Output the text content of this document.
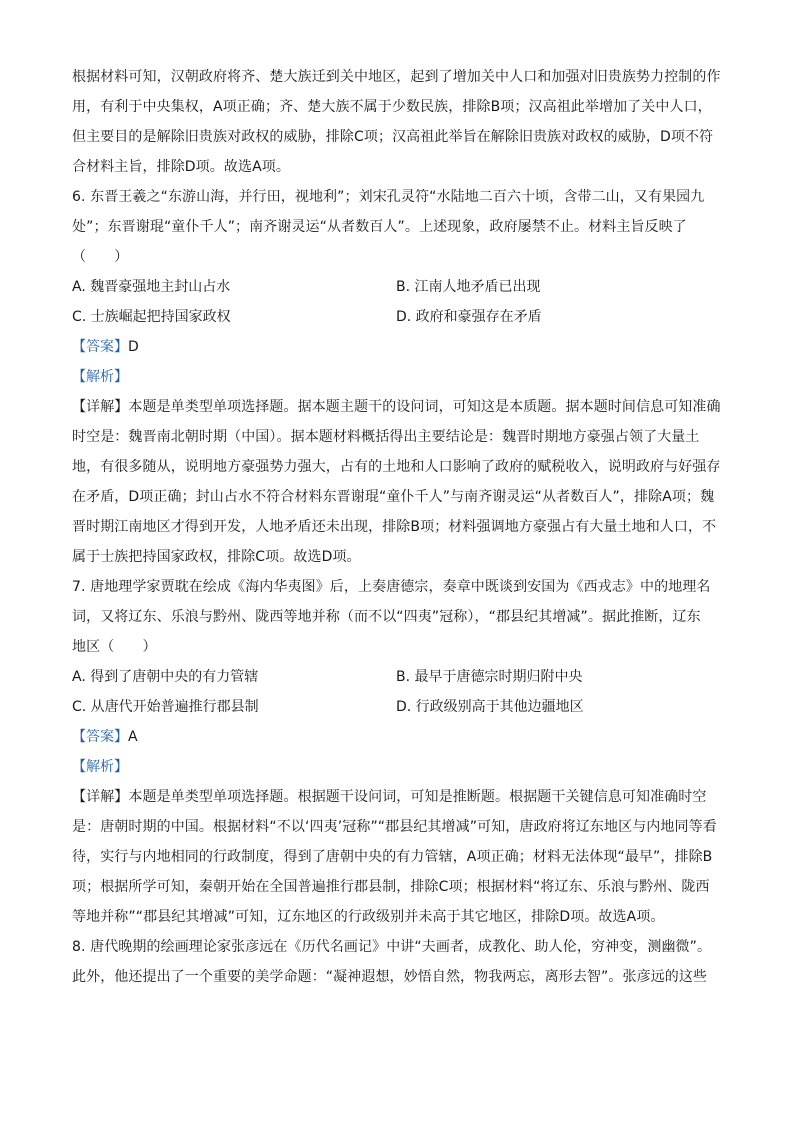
根据材料可知，汉朝政府将齐、楚大族迁到关中地区，起到了增加关中人口和加强对旧贵族势力控制的作
用，有利于中央集权，A项正确；齐、楚大族不属于少数民族，排除B项；汉高祖此举增加了关中人口，
但主要目的是解除旧贵族对政权的威胁，排除C项；汉高祖此举旨在解除旧贵族对政权的威胁，D项不符
合材料主旨，排除D项。故选A项。
6. 东晋王羲之“东游山海，并行田，视地利”；刘宋孔灵符“水陆地二百六十顷，含带二山，又有果园九
处”；东晋谢琨“童仆千人”；南齐谢灵运“从者数百人”。上述现象，政府屡禁不止。材料主旨反映了
（　　）
A. 魏晋豪强地主封山占水	B. 江南人地矛盾已出现
C. 士族崛起把持国家政权	D. 政府和豪强存在矛盾
【答案】D
【解析】
【详解】本题是单类型单项选择题。据本题主题干的设问词，可知这是本质题。据本题时间信息可知准确
时空是：魏晋南北朝时期（中国）。据本题材料概括得出主要结论是：魏晋时期地方豪强占领了大量土
地，有很多随从，说明地方豪强势力强大，占有的土地和人口影响了政府的赋税收入，说明政府与好强存
在矛盾，D项正确；封山占水不符合材料东晋谢琨“童仆千人”与南齐谢灵运“从者数百人”，排除A项；魏
晋时期江南地区才得到开发，人地矛盾还未出现，排除B项；材料强调地方豪强占有大量土地和人口，不
属于士族把持国家政权，排除C项。故选D项。
7. 唐地理学家贾耽在绘成《海内华夷图》后，上奏唐德宗，奏章中既谈到安国为《西戎志》中的地理名
词，又将辽东、乐浪与黔州、陇西等地并称（而不以“四夷”冠称），“郡县纪其增减”。据此推断，辽东
地区（　　）
A. 得到了唐朝中央的有力管辖	B. 最早于唐德宗时期归附中央
C. 从唐代开始普遍推行郡县制	D. 行政级别高于其他边疆地区
【答案】A
【解析】
【详解】本题是单类型单项选择题。根据题干设问词，可知是推断题。根据题干关键信息可知准确时空
是：唐朝时期的中国。根据材料“不以‘四夷’冠称”“郡县纪其增减”可知，唐政府将辽东地区与内地同等看
待，实行与内地相同的行政制度，得到了唐朝中央的有力管辖，A项正确；材料无法体现“最早”，排除B
项；根据所学可知，秦朝开始在全国普遍推行郡县制，排除C项；根据材料“将辽东、乐浪与黔州、陇西
等地并称”“郡县纪其增减”可知，辽东地区的行政级别并未高于其它地区，排除D项。故选A项。
8. 唐代晚期的绘画理论家张彦远在《历代名画记》中讲“夫画者，成教化、助人伦，穷神变，测幽微”。
此外，他还提出了一个重要的美学命题：“凝神遐想，妙悟自然，物我两忘，离形去智”。张彦远的这些
